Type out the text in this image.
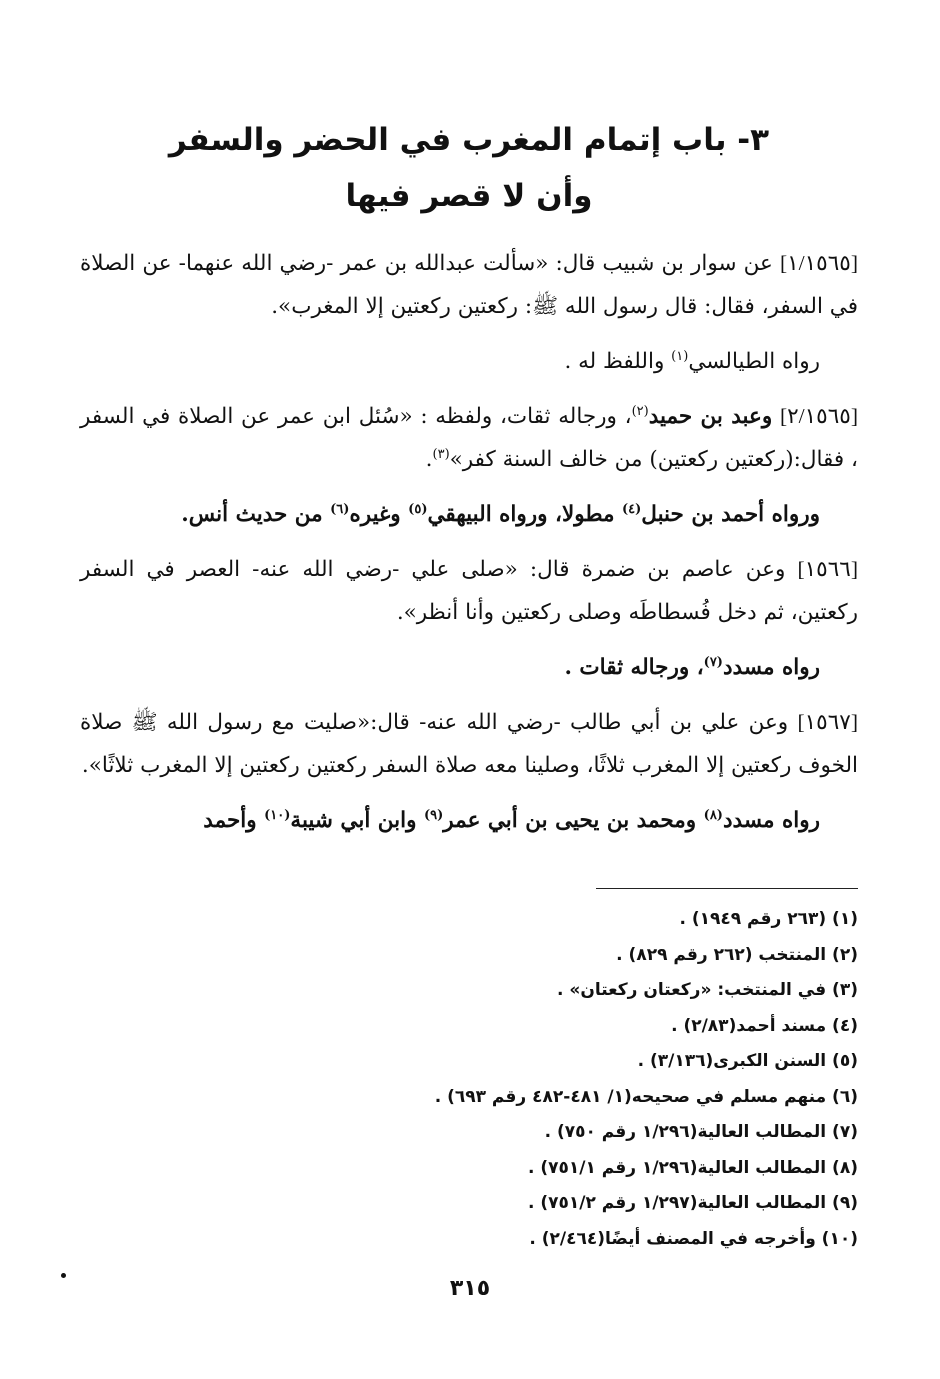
٣- باب إتمام المغرب في الحضر والسفر
وأن لا قصر فيها

[١/١٥٦٥] عن سوار بن شبيب قال: «سألت عبدالله بن عمر -رضي الله عنهما- عن الصلاة في السفر، فقال: قال رسول الله ﷺ: ركعتين ركعتين إلا المغرب».

رواه الطيالسي$^{(١)}$ واللفظ له .

[٢/١٥٦٥] وعبد بن حميد$^{(٢)}$، ورجاله ثقات، ولفظه : «سُئل ابن عمر عن الصلاة في السفر ، فقال:(ركعتين ركعتين) من خالف السنة كفر»$^{(٣)}$.

ورواه أحمد بن حنبل$^{(٤)}$ مطولا، ورواه البيهقي$^{(٥)}$ وغيره$^{(٦)}$ من حديث أنس.

[١٥٦٦] وعن عاصم بن ضمرة قال: «صلى علي -رضي الله عنه- العصر في السفر ركعتين، ثم دخل فُسطاطَه وصلى ركعتين وأنا أنظر».

رواه مسدد$^{(٧)}$، ورجاله ثقات .

[١٥٦٧] وعن علي بن أبي طالب -رضي الله عنه- قال:«صليت مع رسول الله ﷺ صلاة الخوف ركعتين إلا المغرب ثلاثًا، وصلينا معه صلاة السفر ركعتين ركعتين إلا المغرب ثلاثًا».

رواه مسدد$^{(٨)}$ ومحمد بن يحيى بن أبي عمر$^{(٩)}$ وابن أبي شيبة$^{(١٠)}$ وأحمد

(١) (٢٦٣ رقم ١٩٤٩) .
(٢) المنتخب (٢٦٢ رقم ٨٢٩) .
(٣) في المنتخب: «ركعتان ركعتان» .
(٤) مسند أحمد(٢/٨٣) .
(٥) السنن الكبرى(٣/١٣٦) .
(٦) منهم مسلم في صحيحه(١/ ٤٨١-٤٨٢ رقم ٦٩٣) .
(٧) المطالب العالية(١/٢٩٦ رقم ٧٥٠) .
(٨) المطالب العالية(١/٢٩٦ رقم ٧٥١/١) .
(٩) المطالب العالية(١/٢٩٧ رقم ٧٥١/٢) .
(١٠) وأخرجه في المصنف أيضًا(٢/٤٦٤) .
٣١٥
